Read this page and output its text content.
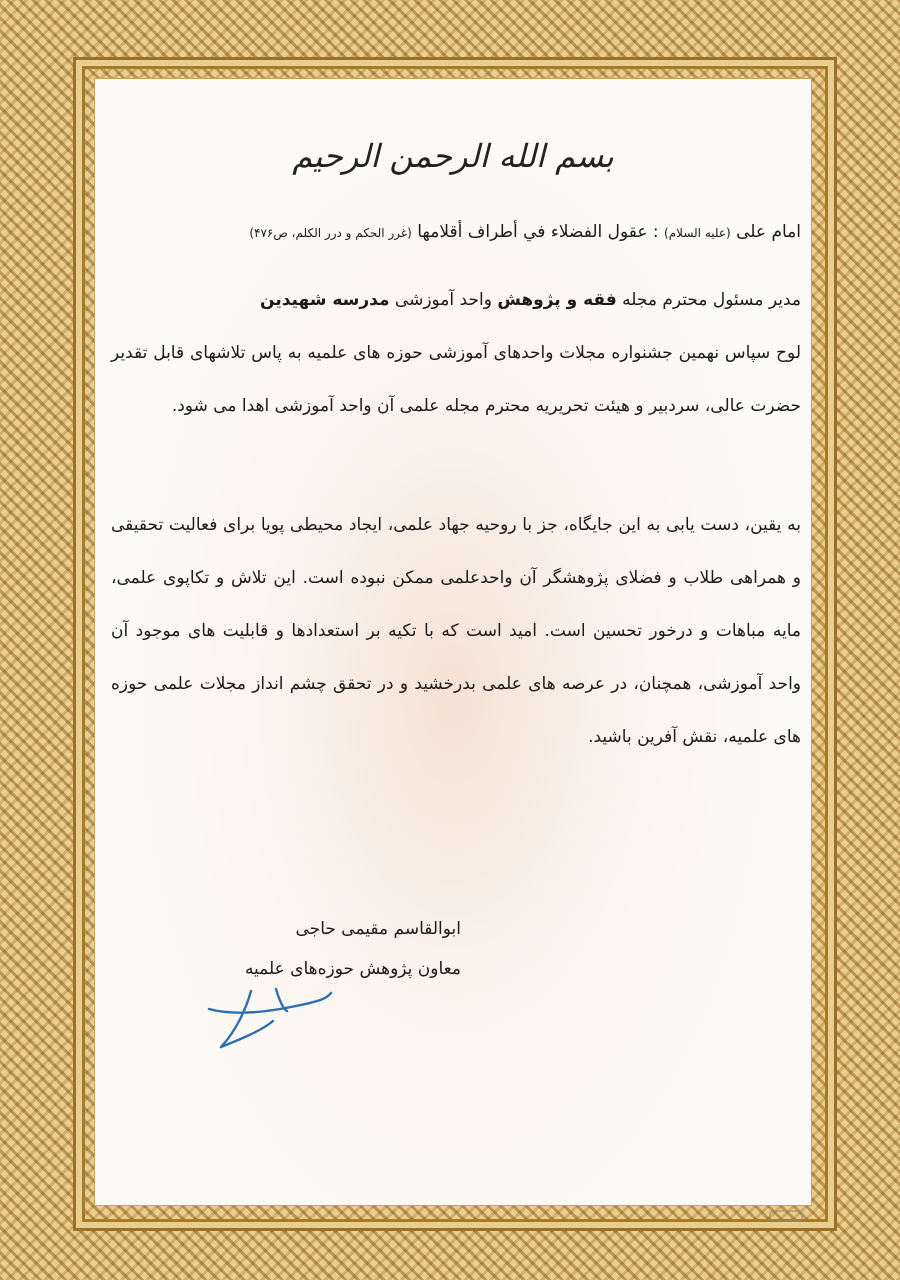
بسم الله الرحمن الرحيم
امام علی (علیه السلام) : عقول الفضلاء في أطراف أقلامها (غرر الحکم و درر الکلم، ص۴۷۶)
مدیر مسئول محترم مجله فقه و پژوهش واحد آموزشی مدرسه شهیدین
لوح سپاس نهمین جشنواره مجلات واحدهای آموزشی حوزه های علمیه به پاس تلاشهای قابل تقدیر حضرت عالی، سردبیر و هیئت تحریریه محترم مجله علمی آن واحد آموزشی اهدا می شود.
به یقین، دست یابی به این جایگاه، جز با روحیه جهاد علمی، ایجاد محیطی پویا برای فعالیت تحقیقی و همراهی طلاب و فضلای پژوهشگر آن واحدعلمی ممکن نبوده است. این تلاش و تکاپوی علمی، مایه مباهات و درخور تحسین است. امید است که با تکیه بر استعدادها و قابلیت های موجود آن واحد آموزشی، همچنان، در عرصه های علمی بدرخشید و در تحقق چشم انداز مجلات علمی حوزه های علمیه، نقش آفرین باشید.
ابوالقاسم مقیمی حاجی
معاون پژوهش حوزه‌های علمیه
